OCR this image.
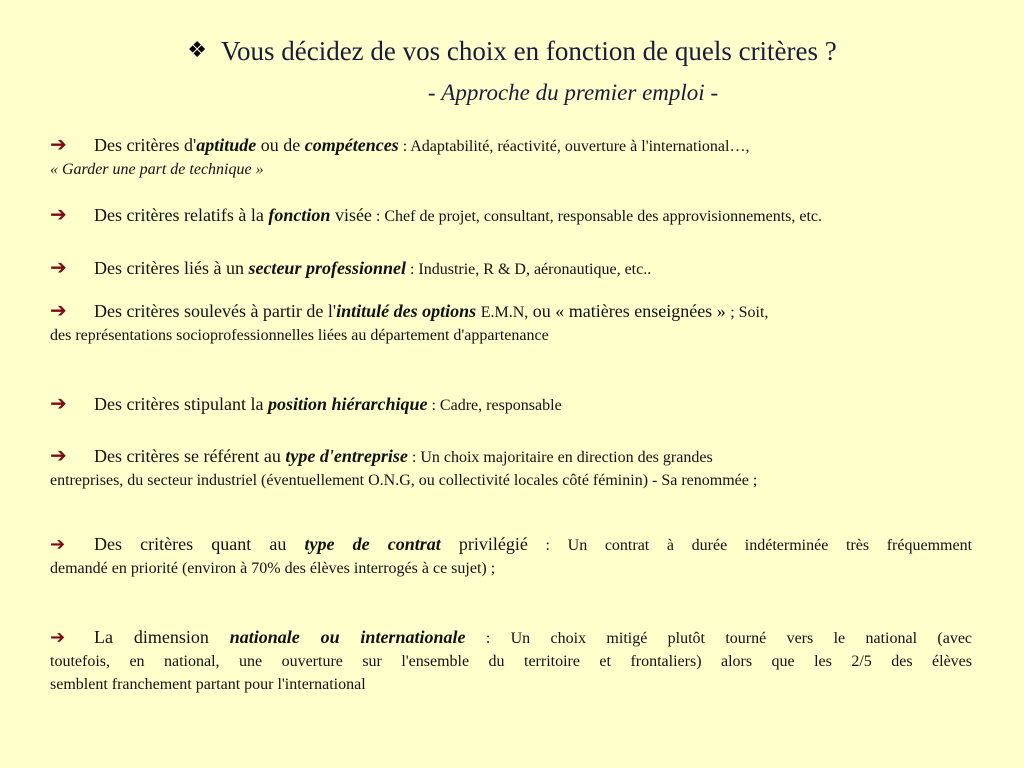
❖ Vous décidez de vos choix en fonction de quels critères ?
- Approche du premier emploi -
➔ Des critères d'aptitude ou de compétences : Adaptabilité, réactivité, ouverture à l'international…,
« Garder une part de technique »
➔ Des critères relatifs à la fonction visée : Chef de projet, consultant, responsable des approvisionnements, etc.
➔ Des critères liés à un secteur professionnel : Industrie, R & D, aéronautique, etc..
➔ Des critères soulevés à partir de l'intitulé des options E.M.N, ou « matières enseignées » ; Soit,
des représentations socioprofessionnelles liées au département d'appartenance
➔ Des critères stipulant la position hiérarchique : Cadre, responsable
➔ Des critères se référent au type d'entreprise : Un choix majoritaire en direction des grandes
entreprises, du secteur industriel (éventuellement O.N.G, ou collectivité locales côté féminin) - Sa renommée ;
➔ Des critères quant au type de contrat privilégié : Un contrat à durée indéterminée très fréquemment
demandé en priorité (environ à 70% des élèves interrogés à ce sujet) ;
➔ La dimension nationale ou internationale : Un choix mitigé plutôt tourné vers le national (avec
toutefois, en national, une ouverture sur l'ensemble du territoire et frontaliers) alors que les 2/5 des élèves
semblent franchement partant pour l'international
